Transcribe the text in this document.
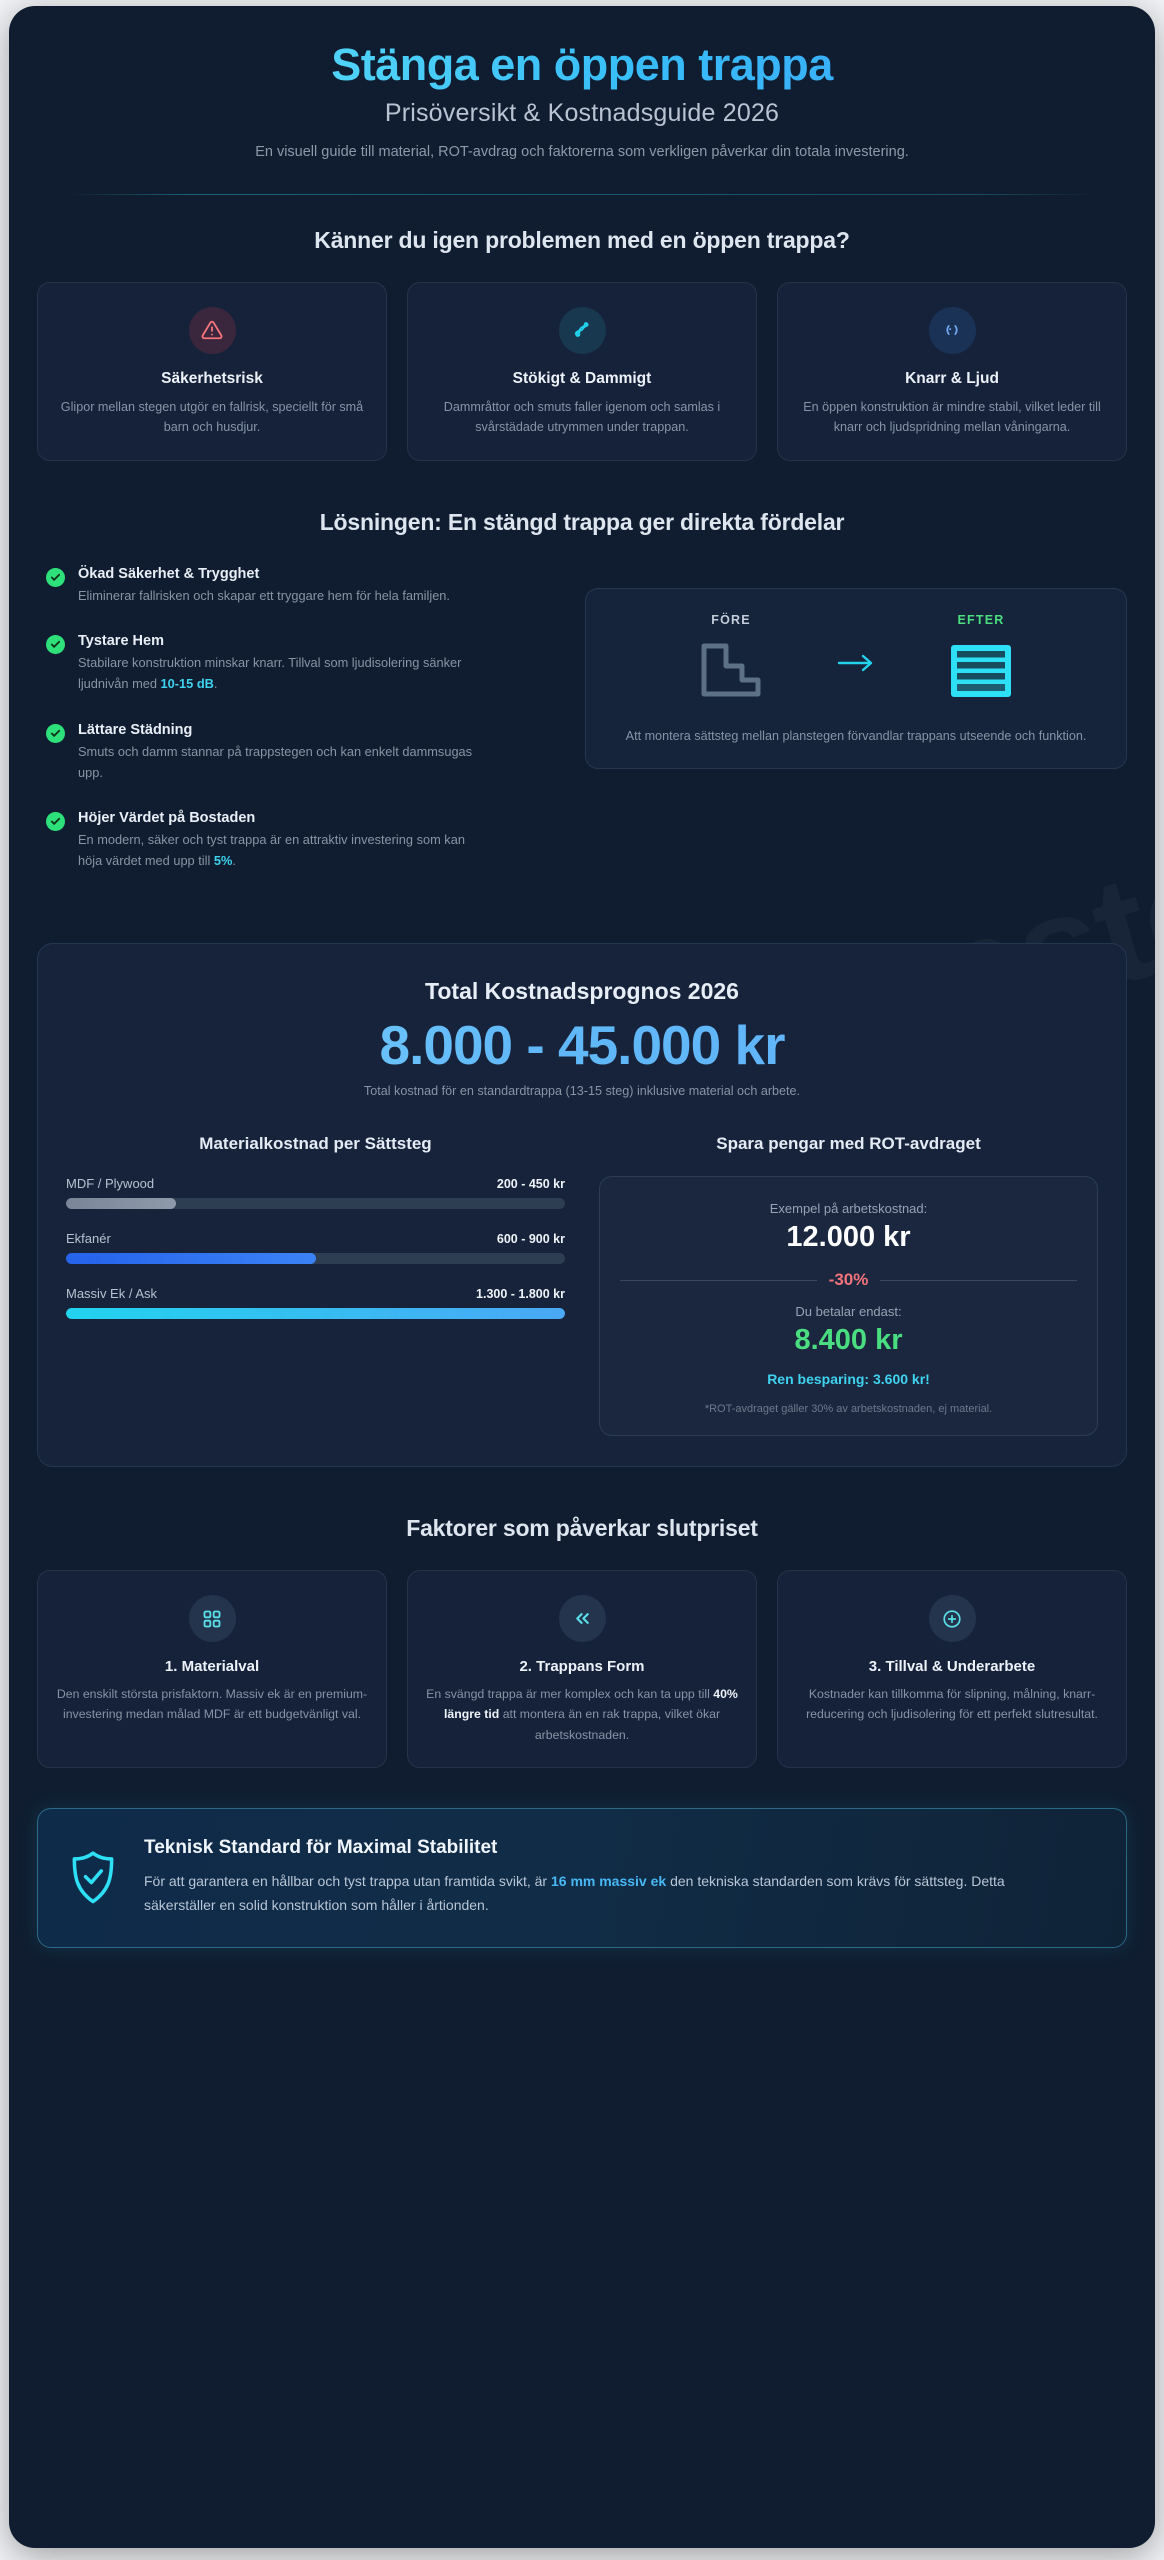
Stänga en öppen trappa
Prisöversikt & Kostnadsguide 2026

En visuell guide till material, ROT-avdrag och faktorerna som verkligen påverkar din totala investering.

Känner du igen problemen med en öppen trappa?
Säkerhetsrisk

Glipor mellan stegen utgör en fallrisk, speciellt för små barn och husdjur.

Stökigt & Dammigt

Dammråttor och smuts faller igenom och samlas i svårstädade utrymmen under trappan.

Knarr & Ljud

En öppen konstruktion är mindre stabil, vilket leder till knarr och ljudspridning mellan våningarna.

Lösningen: En stängd trappa ger direkta fördelar
Ökad Säkerhet & Trygghet

Eliminerar fallrisken och skapar ett tryggare hem för hela familjen.

Tystare Hem

Stabilare konstruktion minskar knarr. Tillval som ljudisolering sänker ljudnivån med 10-15 dB.

Lättare Städning

Smuts och damm stannar på trappstegen och kan enkelt dammsugas upp.

Höjer Värdet på Bostaden

En modern, säker och tyst trappa är en attraktiv investering som kan höja värdet med upp till 5%.

FÖRE	EFTER
Att montera sättsteg mellan planstegen förvandlar trappans utseende och funktion.
Total Kostnadsprognos 2026
8.000 - 45.000 kr
Total kostnad för en standardtrappa (13-15 steg) inklusive material och arbete.
Materialkostnad per Sättsteg
MDF / Plywood	200 - 450 kr
Ekfanér	600 - 900 kr
Massiv Ek / Ask	1.300 - 1.800 kr
Spara pengar med ROT-avdraget
Exempel på arbetskostnad:
12.000 kr
-30%
Du betalar endast:
8.400 kr
Ren besparing: 3.600 kr!
*ROT-avdraget gäller 30% av arbetskostnaden, ej material.
Faktorer som påverkar slutpriset
1. Materialval

Den enskilt största prisfaktorn. Massiv ek är en premium-investering medan målad MDF är ett budgetvänligt val.

2. Trappans Form

En svängd trappa är mer komplex och kan ta upp till 40% längre tid att montera än en rak trappa, vilket ökar arbetskostnaden.

3. Tillval & Underarbete

Kostnader kan tillkomma för slipning, målning, knarr-reducering och ljudisolering för ett perfekt slutresultat.

Teknisk Standard för Maximal Stabilitet

För att garantera en hållbar och tyst trappa utan framtida svikt, är 16 mm massiv ek den tekniska standarden som krävs för sättsteg. Detta säkerställer en solid konstruktion som håller i årtionden.
